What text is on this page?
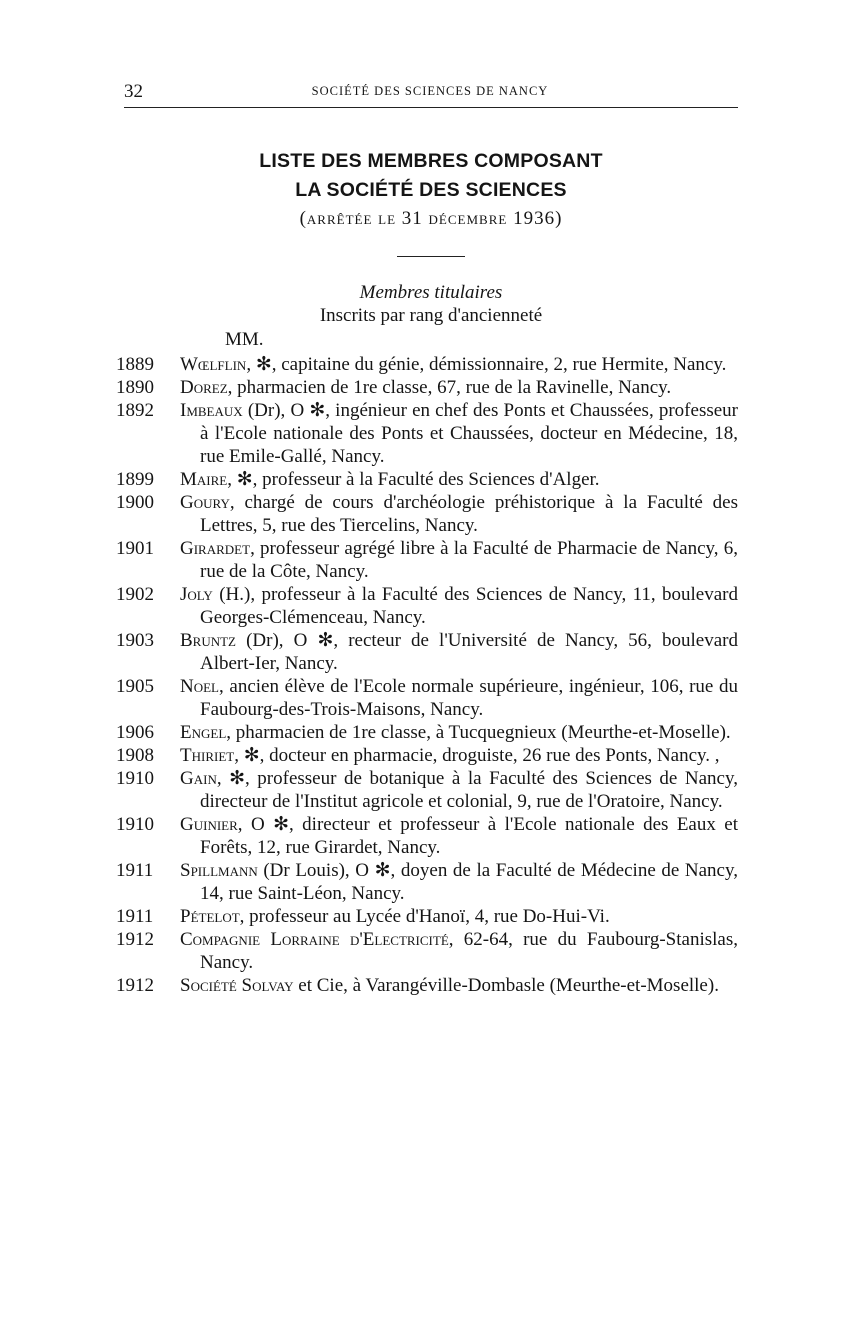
32	SOCIÉTÉ DES SCIENCES DE NANCY
LISTE DES MEMBRES COMPOSANT
LA SOCIÉTÉ DES SCIENCES
(arrêtée le 31 décembre 1936)
Membres titulaires
Inscrits par rang d'ancienneté
MM.
1889	Wœlflin, ✻, capitaine du génie, démissionnaire, 2, rue Hermite, Nancy.
1890	Dorez, pharmacien de 1re classe, 67, rue de la Ravinelle, Nancy.
1892	Imbeaux (Dr), O ✻, ingénieur en chef des Ponts et Chaussées, professeur à l'Ecole nationale des Ponts et Chaussées, docteur en Médecine, 18, rue Emile-Gallé, Nancy.
1899	Maire, ✻, professeur à la Faculté des Sciences d'Alger.
1900	Goury, chargé de cours d'archéologie préhistorique à la Faculté des Lettres, 5, rue des Tiercelins, Nancy.
1901	Girardet, professeur agrégé libre à la Faculté de Pharmacie de Nancy, 6, rue de la Côte, Nancy.
1902	Joly (H.), professeur à la Faculté des Sciences de Nancy, 11, boulevard Georges-Clémenceau, Nancy.
1903	Bruntz (Dr), O ✻, recteur de l'Université de Nancy, 56, boulevard Albert-Ier, Nancy.
1905	Noel, ancien élève de l'Ecole normale supérieure, ingénieur, 106, rue du Faubourg-des-Trois-Maisons, Nancy.
1906	Engel, pharmacien de 1re classe, à Tucquegnieux (Meurthe-et-Moselle).
1908	Thiriet, ✻, docteur en pharmacie, droguiste, 26 rue des Ponts, Nancy. ,
1910	Gain, ✻, professeur de botanique à la Faculté des Sciences de Nancy, directeur de l'Institut agricole et colonial, 9, rue de l'Oratoire, Nancy.
1910	Guinier, O ✻, directeur et professeur à l'Ecole nationale des Eaux et Forêts, 12, rue Girardet, Nancy.
1911	Spillmann (Dr Louis), O ✻, doyen de la Faculté de Médecine de Nancy, 14, rue Saint-Léon, Nancy.
1911	Pételot, professeur au Lycée d'Hanoï, 4, rue Do-Hui-Vi.
1912	Compagnie Lorraine d'Electricité, 62-64, rue du Faubourg-Stanislas, Nancy.
1912	Société Solvay et Cie, à Varangéville-Dombasle (Meurthe-et-Moselle).
